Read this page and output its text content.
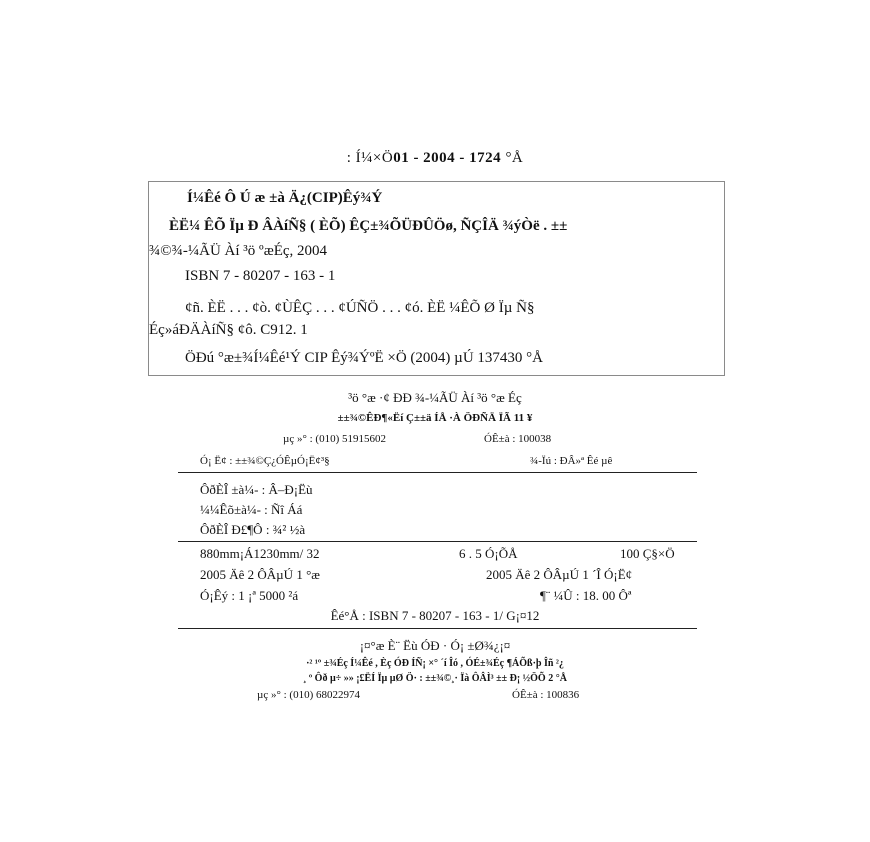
: Í¼×Ö01 - 2004 - 1724 °Å
Í¼Êé Ô Ú æ ±à Ä¿(CIP)Êý¾Ý
ÈË¼ ÊÕ Ïµ Ð ÂÀíÑ§ ( ÈÕ) ÊÇ±¾ÕÜÐÛÖø, ÑÇÎÄ ¾ýÒë . ±±
¾©¾-¼ÃÜ Àí ³ö ºæÉç, 2004
ISBN 7 - 80207 - 163 - 1
¢ñ. ÈË . . . ¢ò. ¢ÙÊÇ . . . ¢ÚÑÖ . . . ¢ó. ÈË ¼ÊÕ Ø Ïµ Ñ§
Éç»áÐÄÀíÑ§ ¢ô. C912. 1
ÖÐú °æ±¾Í¼Êé¹Ý CIP Êý¾ÝºË ×Ö (2004) µÚ 137430 °Å
³ö °æ ·¢ ÐÐ ¾-¼ÃÜ Àí ³ö °æ Éç
±±¾©ÊÐ¶«Ëí Ç±±ä ÍÅ ·À ÖÐÑÄ ÏÃ 11 ¥
µç »° : (010) 51915602	ÓÊ±à : 100038
Ó¡ Ë¢ : ±±¾©Ç¿ÓÊµÓ¡Ë¢³§	¾-Ïú : ÐÂ»ª Êé µê
ÔðÈÎ ±à¼- : Â–Ð¡Ëù
¼¼Êõ±à¼- : Ñî Áá
ÔðÈÎ Ð£¶Ô : ¾² ½à
880mm¡Á1230mm/ 32	6 . 5 Ó¡ÕÅ	100 Ç§×Ö
2005 Äê 2 ÔÂµÚ 1 °æ	2005 Äê 2 ÔÂµÚ 1 ´Î Ó¡Ë¢
Ó¡Êý : 1 ¡ª 5000 ²á	¶¨ ¼Û : 18. 00 Ôª
Êé°Å : ISBN 7 - 80207 - 163 - 1/ G¡¤12
¡¤°æ È¨ Ëù ÓÐ · Ó¡ ±Ø¾¿¡¤
·² ¹º ±¾Éç Í¼Êé , Èç ÓÐ ÍÑ¡ ×° ´í Îó , ÓÉ±¾Éç ¶ÁÕß·þ Îñ ²¿
¸ º Ôð µ÷ »» ¡£ËÍ Ïµ µØ Ö· : ±±¾©¸· Ïà ÔÂÌ³ ±± Ð¡ ½ÖÕ 2 °Å
µç »° : (010) 68022974	ÓÊ±à : 100836
